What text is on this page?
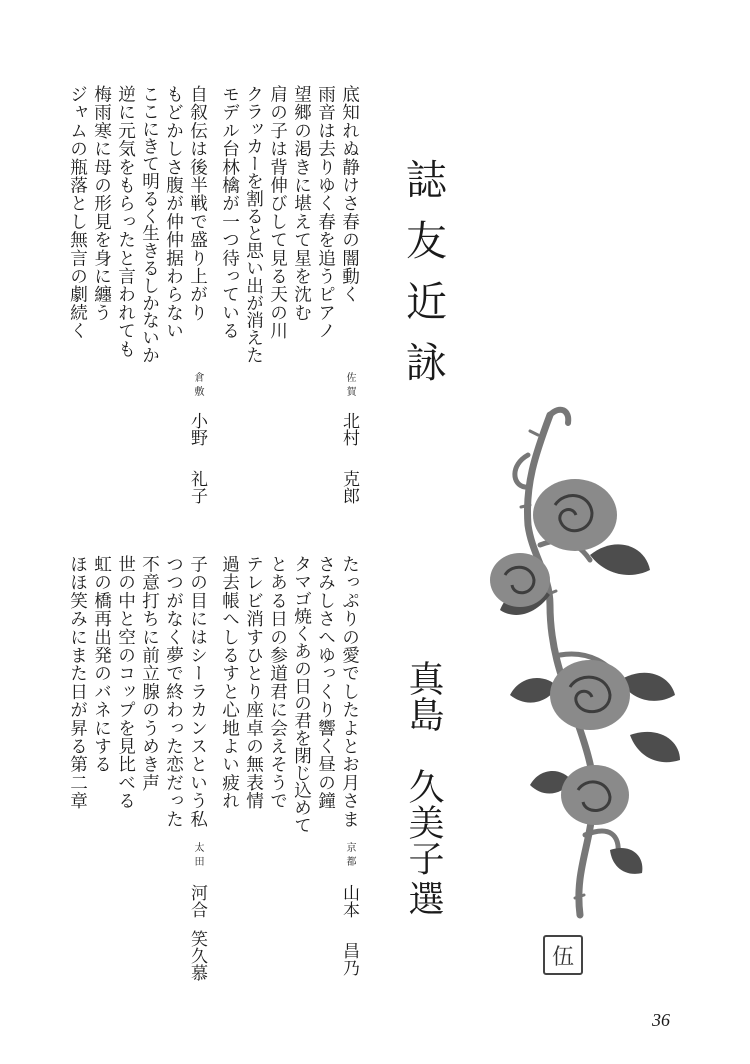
誌友近詠
真島
久美子
選
底知れぬ静けさ春の闇動く
雨音は去りゆく春を追うピアノ
望郷の渇きに堪えて星を沈む
肩の子は背伸びして見る天の川
クラッカーを割ると思い出が消えた
モデル台林檎が一つ待っている
佐賀
北村
克郎
自叙伝は後半戦で盛り上がり
もどかしさ腹が仲仲据わらない
ここにきて明るく生きるしかないか
逆に元気をもらったと言われても
梅雨寒に母の形見を身に纏う
ジャムの瓶落とし無言の劇続く
倉敷
小野
礼子
たっぷりの愛でしたよとお月さま
さみしさへゆっくり響く昼の鐘
タマゴ焼くあの日の君を閉じ込めて
とある日の参道君に会えそうで
テレビ消すひとり座卓の無表情
過去帳へしるすと心地よい疲れ
京都
山本
昌乃
子の目にはシーラカンスという私
つつがなく夢で終わった恋だった
不意打ちに前立腺のうめき声
世の中と空のコップを見比べる
虹の橋再出発のバネにする
ほほ笑みにまた日が昇る第二章
太田
河合
笑久慕	伍
36
